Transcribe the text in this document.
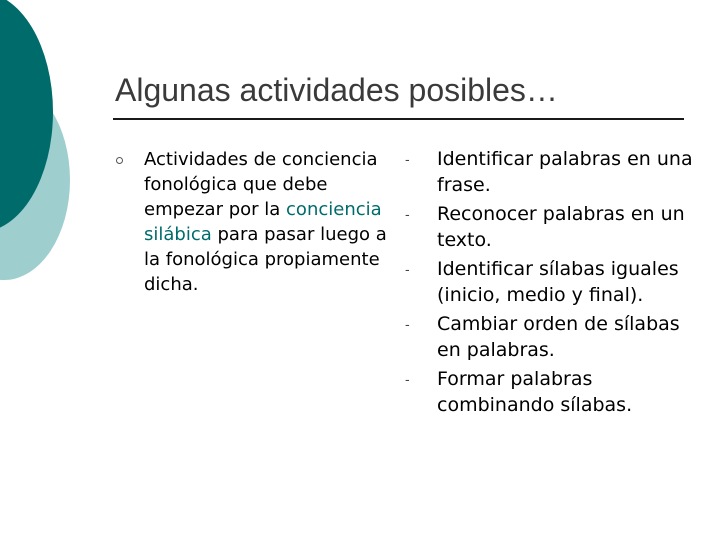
Algunas actividades posibles…
Actividades de conciencia fonológica que debe empezar por la conciencia silábica para pasar luego a la fonológica propiamente dicha.
- Identificar palabras en una frase.
- Reconocer palabras en un texto.
- Identificar sílabas iguales (inicio, medio y final).
- Cambiar orden de sílabas en palabras.
- Formar palabras combinando sílabas.
